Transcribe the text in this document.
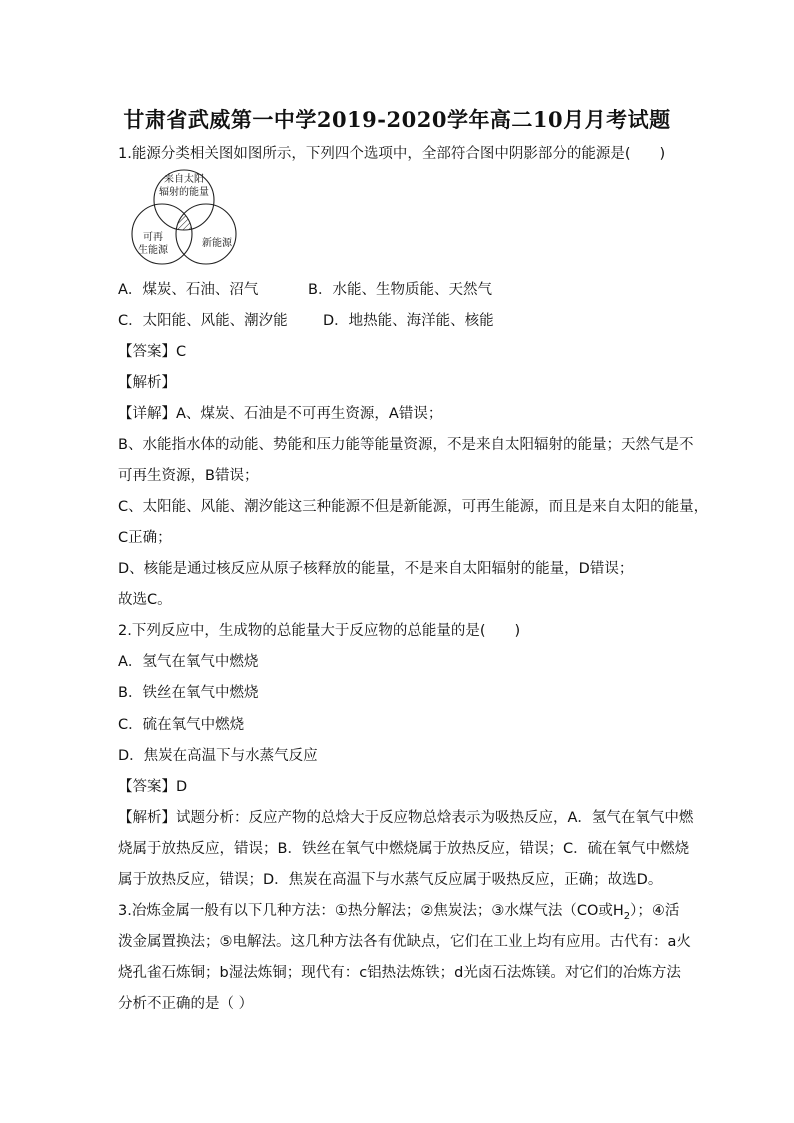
甘肃省武威第一中学2019-2020学年高二10月月考试题
1.能源分类相关图如图所示，下列四个选项中，全部符合图中阴影部分的能源是(　　)
来自太阳
辐射的能量
可再
生能源
新能源
A．煤炭、石油、沼气	B．水能、生物质能、天然气
C．太阳能、风能、潮汐能 D．地热能、海洋能、核能
【答案】C
【解析】
【详解】A、煤炭、石油是不可再生资源，A错误；
B、水能指水体的动能、势能和压力能等能量资源，不是来自太阳辐射的能量；天然气是不
可再生资源，B错误；
C、太阳能、风能、潮汐能这三种能源不但是新能源，可再生能源，而且是来自太阳的能量，
C正确；
D、核能是通过核反应从原子核释放的能量，不是来自太阳辐射的能量，D错误；
故选C。
2.下列反应中，生成物的总能量大于反应物的总能量的是(　　)
A．氢气在氧气中燃烧
B．铁丝在氧气中燃烧
C．硫在氧气中燃烧
D．焦炭在高温下与水蒸气反应
【答案】D
【解析】试题分析：反应产物的总焓大于反应物总焓表示为吸热反应，A．氢气在氧气中燃
烧属于放热反应，错误；B．铁丝在氧气中燃烧属于放热反应，错误；C．硫在氧气中燃烧
属于放热反应，错误；D．焦炭在高温下与水蒸气反应属于吸热反应，正确；故选D。
3.冶炼金属一般有以下几种方法：①热分解法；②焦炭法；③水煤气法（CO或$H_2$）；④活
泼金属置换法；⑤电解法。这几种方法各有优缺点，它们在工业上均有应用。古代有：a火
烧孔雀石炼铜；b湿法炼铜；现代有：c铝热法炼铁；d光卤石法炼镁。对它们的冶炼方法
分析不正确的是（ ）
